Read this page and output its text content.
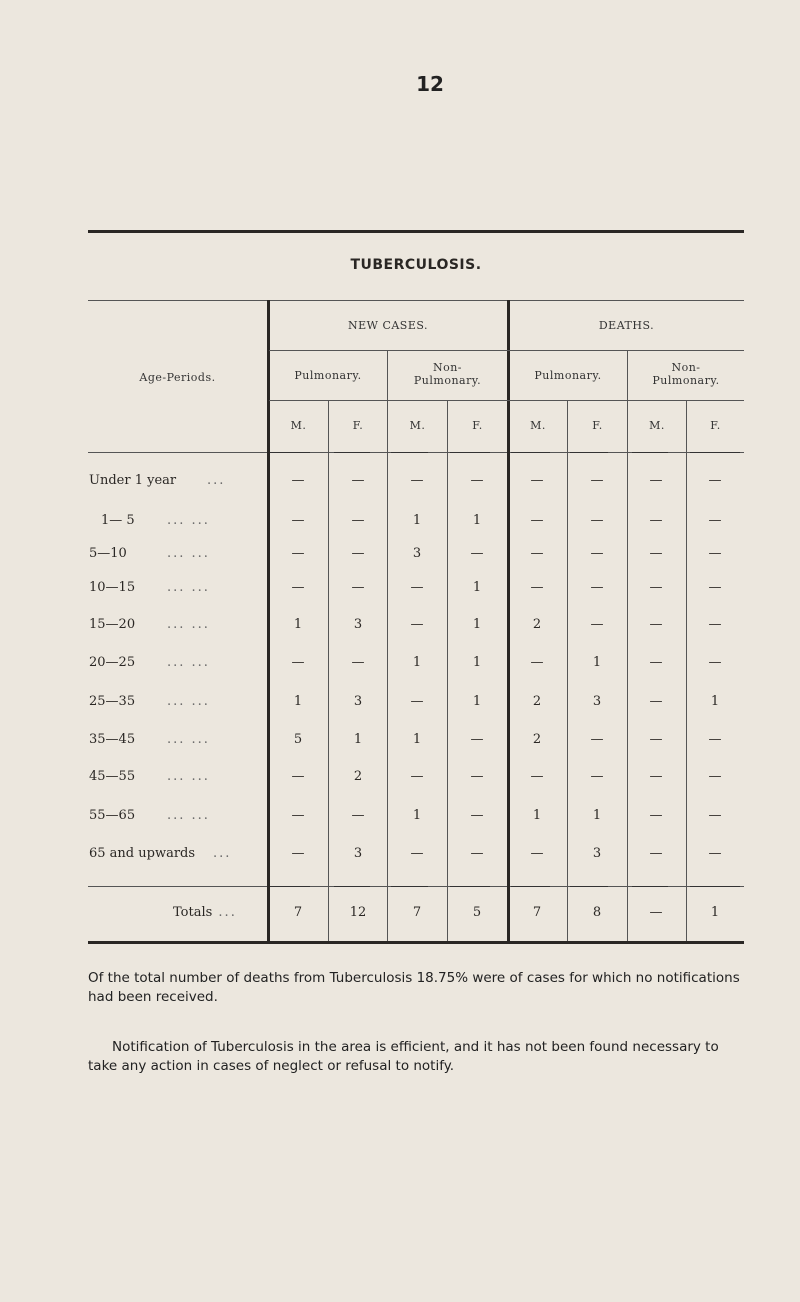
12
TUBERCULOSIS.
Age-Periods.
NEW CASES.	DEATHS.
Pulmonary.
Non-
Pulmonary.	Pulmonary.
Non-
Pulmonary.
M.	F.	M.	F.	M.	F.	M.	F.
Under 1 year ...	—	—	—	—	—	—	—	—
1— 5 ... ...	—	—	1	1	—	—	—	—
5—10	... ...	—	—	3	—	—	—	—	—
10—15 ... ...	—	—	—	1	—	—	—	—
15—20 ... ...	1	3	—	1	2	—	—	—
20—25 ... ...	—	—	1	1	—	1	—	—
25—35 ... ...	1	3	—	1	2	3	—	1
35—45 ... ...	5	1	1	—	2	—	—	—
45—55 ... ...	—	2	—	—	—	—	—	—
55—65 ... ...	—	—	1	—	1	1	—	—
65 and upwards ...	—	3	—	—	—	3	—	—
Totals ...	7	12	7	5	7	8	—	1
Of the total number of deaths from Tuberculosis 18.75% were of cases for which no notifications had been received.
Notification of Tuberculosis in the area is efficient, and it has not been found necessary to take any action in cases of neglect or refusal to notify.
